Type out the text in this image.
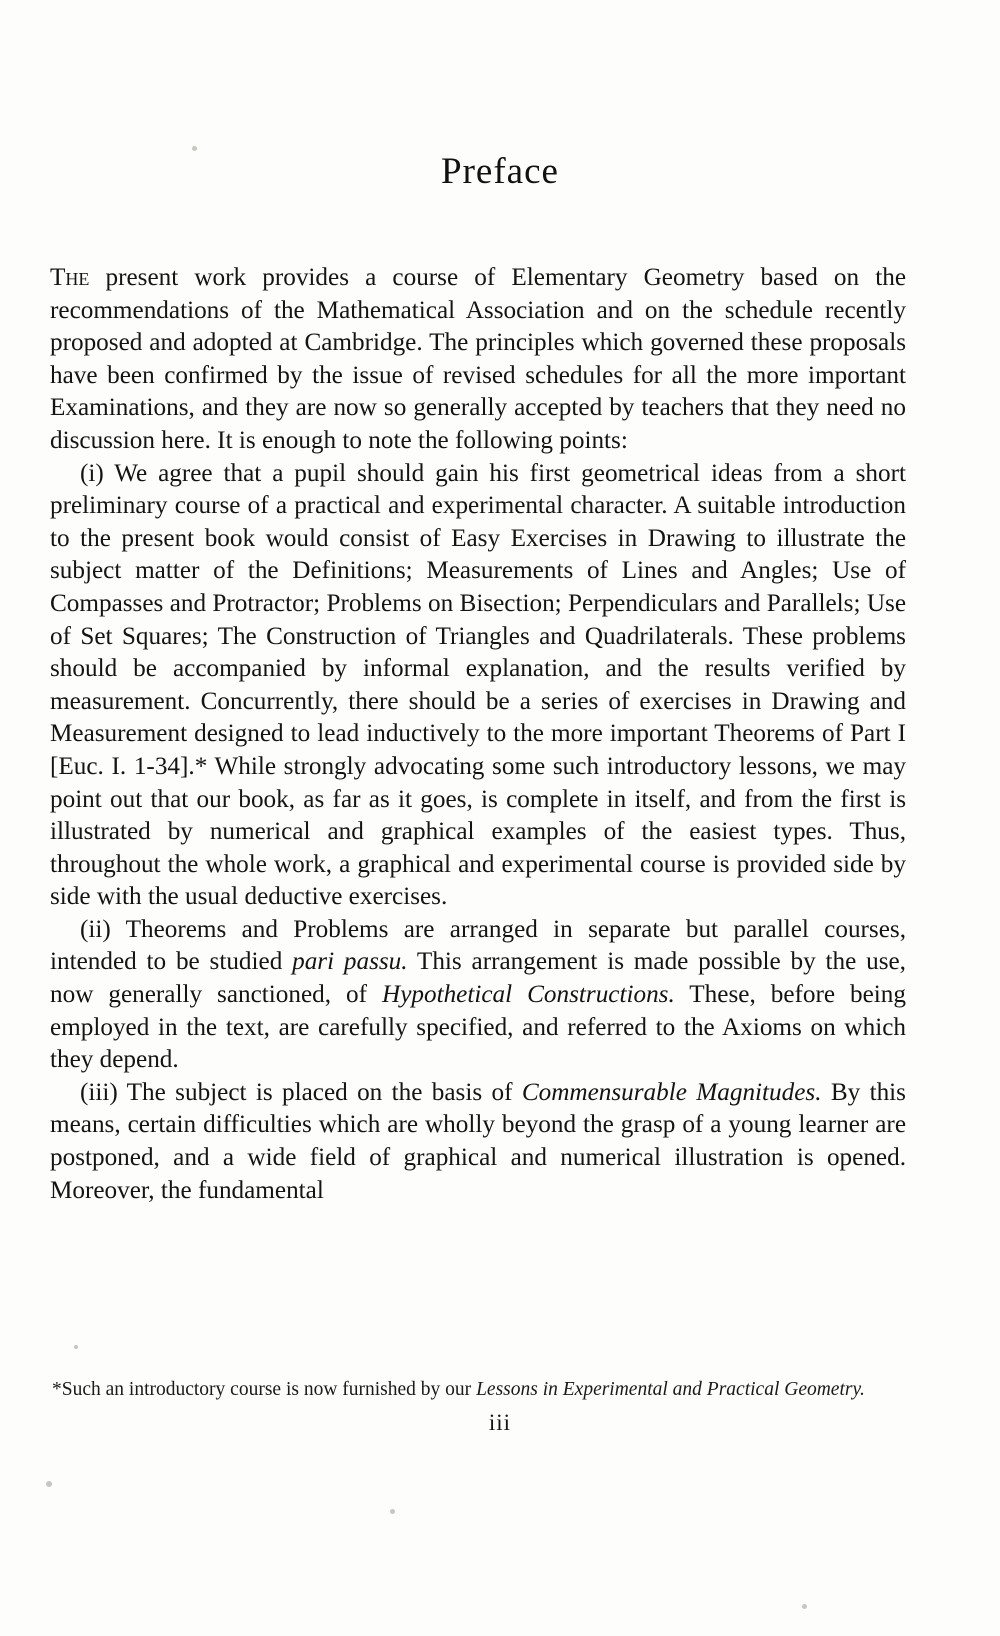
Preface

The present work provides a course of Elementary Geometry based on the recommendations of the Mathematical Association and on the schedule recently proposed and adopted at Cambridge. The principles which governed these proposals have been confirmed by the issue of revised schedules for all the more important Examinations, and they are now so generally accepted by teachers that they need no discussion here. It is enough to note the following points:

(i) We agree that a pupil should gain his first geometrical ideas from a short preliminary course of a practical and experimental character. A suitable introduction to the present book would consist of Easy Exercises in Drawing to illustrate the subject matter of the Definitions; Measurements of Lines and Angles; Use of Compasses and Protractor; Problems on Bisection; Perpendiculars and Parallels; Use of Set Squares; The Construction of Triangles and Quadrilaterals. These problems should be accompanied by informal explanation, and the results verified by measurement. Concurrently, there should be a series of exercises in Drawing and Measurement designed to lead inductively to the more important Theorems of Part I [Euc. I. 1-34].* While strongly advocating some such introductory lessons, we may point out that our book, as far as it goes, is complete in itself, and from the first is illustrated by numerical and graphical examples of the easiest types. Thus, throughout the whole work, a graphical and experimental course is provided side by side with the usual deductive exercises.

(ii) Theorems and Problems are arranged in separate but parallel courses, intended to be studied pari passu. This arrangement is made possible by the use, now generally sanctioned, of Hypothetical Constructions. These, before being employed in the text, are carefully specified, and referred to the Axioms on which they depend.

(iii) The subject is placed on the basis of Commensurable Magnitudes. By this means, certain difficulties which are wholly beyond the grasp of a young learner are postponed, and a wide field of graphical and numerical illustration is opened. Moreover, the fundamental

*Such an introductory course is now furnished by our Lessons in Experimental and Practical Geometry.
iii
